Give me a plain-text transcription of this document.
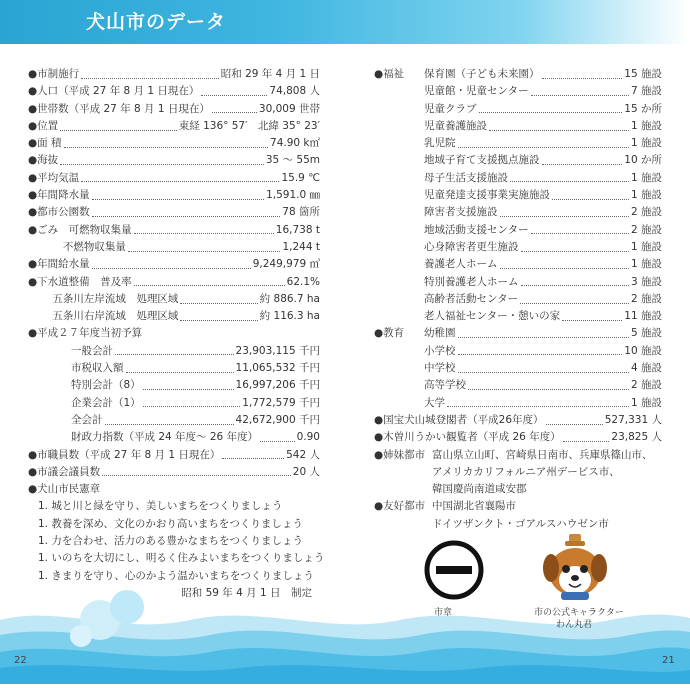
犬山市のデータ
●市制施行	昭和 29 年 4 月 1 日
●人口（平成 27 年 8 月 1 日現在）	74,808 人
●世帯数（平成 27 年 8 月 1 日現在）	30,009 世帯
●位置	東経 136° 57′　北緯 35° 23′
●面 積	74.90 k㎡
●海抜	35 ～ 55m
●平均気温	15.9 ℃
●年間降水量	1,591.0 ㎜
●都市公園数	78 箇所
●ごみ　可燃物収集量	16,738 t
　　　 不燃物収集量	1,244 t
●年間給水量	9,249,979 ㎥
●下水道整備　普及率	62.1%
　　 五条川左岸流域　処理区域	約 886.7 ha
　　 五条川右岸流域　処理区域	約 116.3 ha
●平成２７年度当初予算
一般会計	23,903,115 千円
市税収入額	11,065,532 千円
特別会計（8）	16,997,206 千円
企業会計（1）	1,772,579 千円
全会計	42,672,900 千円
財政力指数（平成 24 年度～ 26 年度）	0.90
●市職員数（平成 27 年 8 月 1 日現在）	542 人
●市議会議員数	20 人
●犬山市民憲章
1. 城と川と緑を守り、美しいまちをつくりましょう
1. 教養を深め、文化のかおり高いまちをつくりましょう
1. 力を合わせ、活力のある豊かなまちをつくりましょう
1. いのちを大切にし、明るく住みよいまちをつくりましょう
1. きまりを守り、心のかよう温かいまちをつくりましょう
昭和 59 年 4 月 1 日　制定
●福祉 保育園（子ども未来園）	15 施設
児童館・児童センター	7 施設
児童クラブ	15 か所
児童養護施設	1 施設
乳児院	1 施設
地域子育て支援拠点施設	10 か所
母子生活支援施設	1 施設
児童発達支援事業実施施設	1 施設
障害者支援施設	2 施設
地域活動支援センター	2 施設
心身障害者更生施設	1 施設
養護老人ホーム	1 施設
特別養護老人ホーム	3 施設
高齢者活動センター	2 施設
老人福祉センター・憩いの家	11 施設
●教育 幼稚園	5 施設
小学校	10 施設
中学校	4 施設
高等学校	2 施設
大学	1 施設
●国宝犬山城登閣者（平成26年度）	527,331 人
●木曽川うかい観覧者（平成 26 年度）	23,825 人
●姉妹都市 富山県立山町、宮崎県日南市、兵庫県篠山市、
アメリカカリフォルニア州デービス市、
韓国慶尚南道咸安郡
●友好都市 中国湖北省襄陽市
ドイツザンクト・ゴアルスハウゼン市
市章	市の公式キャラクター
わん丸君
22	21
